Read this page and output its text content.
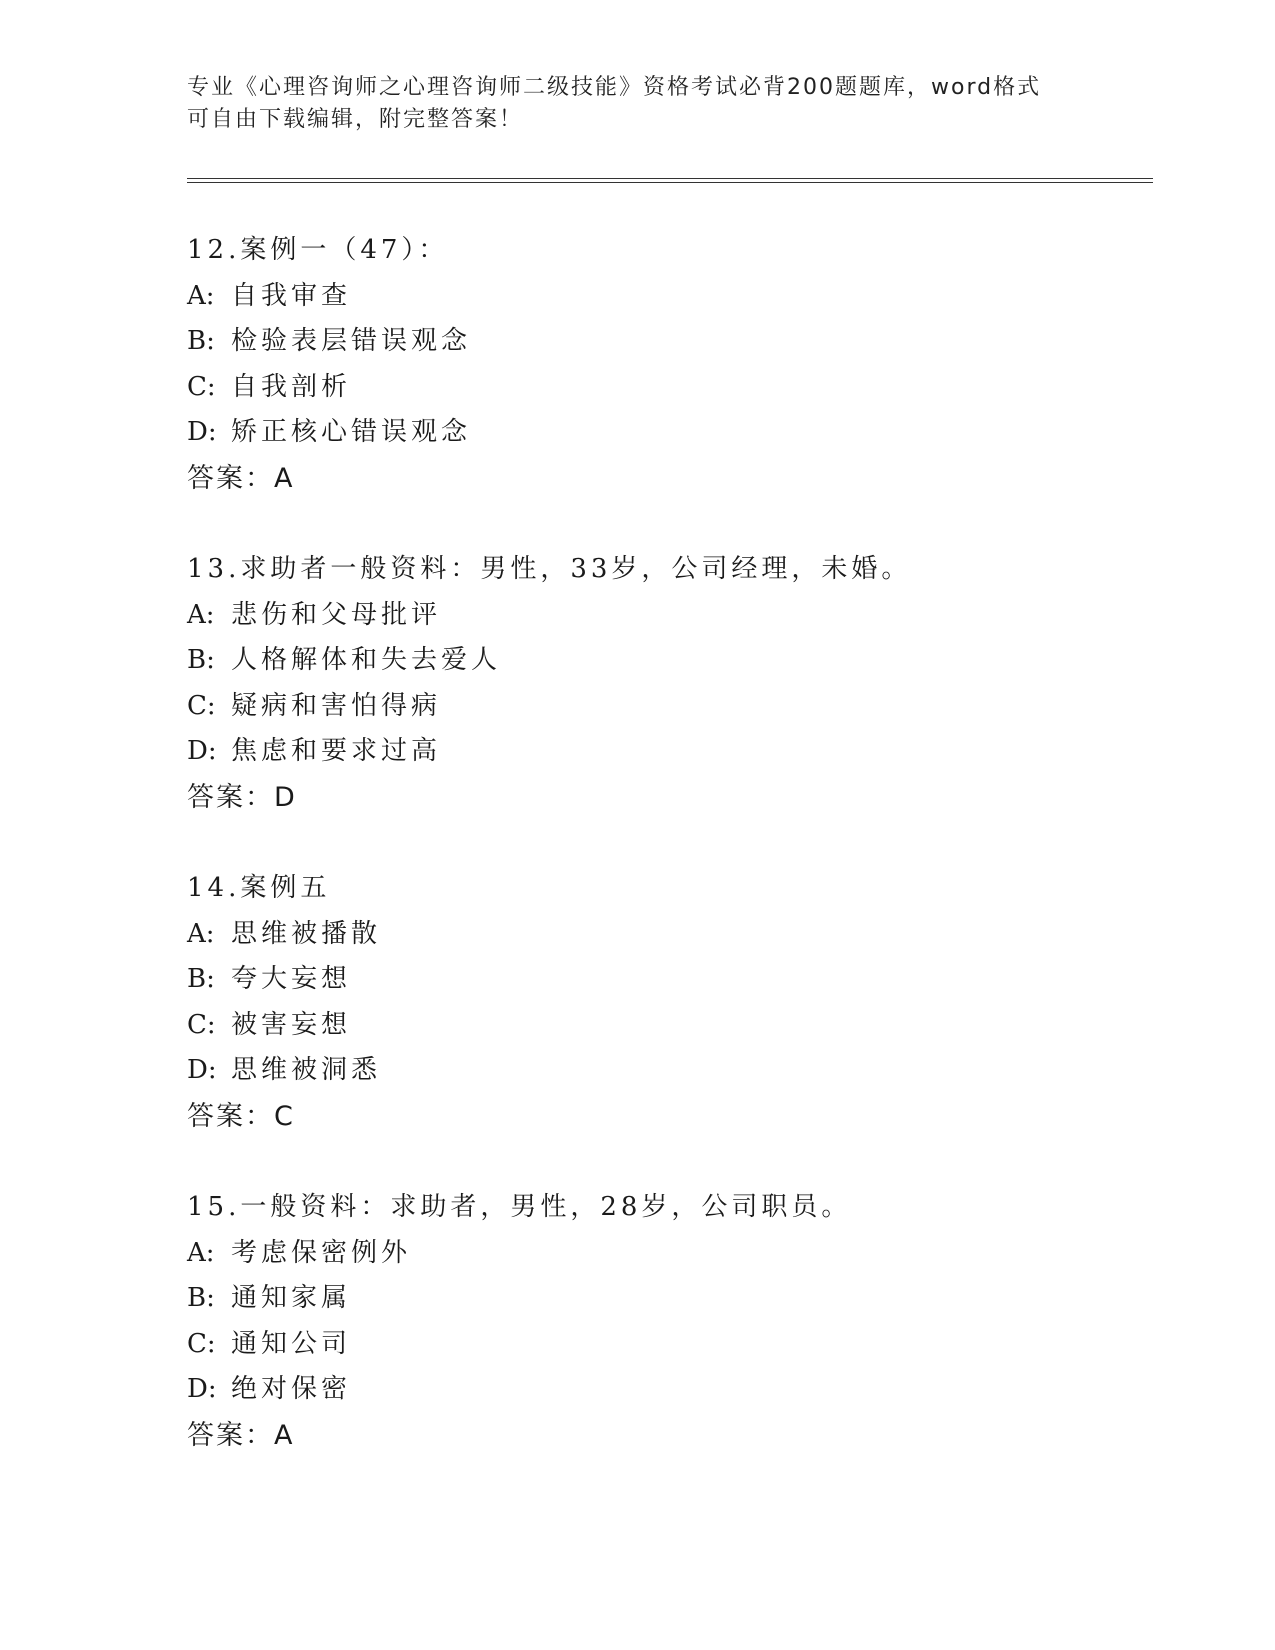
专业《心理咨询师之心理咨询师二级技能》资格考试必背200题题库，word格式
可自由下载编辑，附完整答案！
12.案例一（47）：
A: 自我审查
B: 检验表层错误观念
C: 自我剖析
D: 矫正核心错误观念
答案：A
13.求助者一般资料：男性，33岁，公司经理，未婚。
A: 悲伤和父母批评
B: 人格解体和失去爱人
C: 疑病和害怕得病
D: 焦虑和要求过高
答案：D
14.案例五
A: 思维被播散
B: 夸大妄想
C: 被害妄想
D: 思维被洞悉
答案：C
15.一般资料：求助者，男性，28岁，公司职员。
A: 考虑保密例外
B: 通知家属
C: 通知公司
D: 绝对保密
答案：A
